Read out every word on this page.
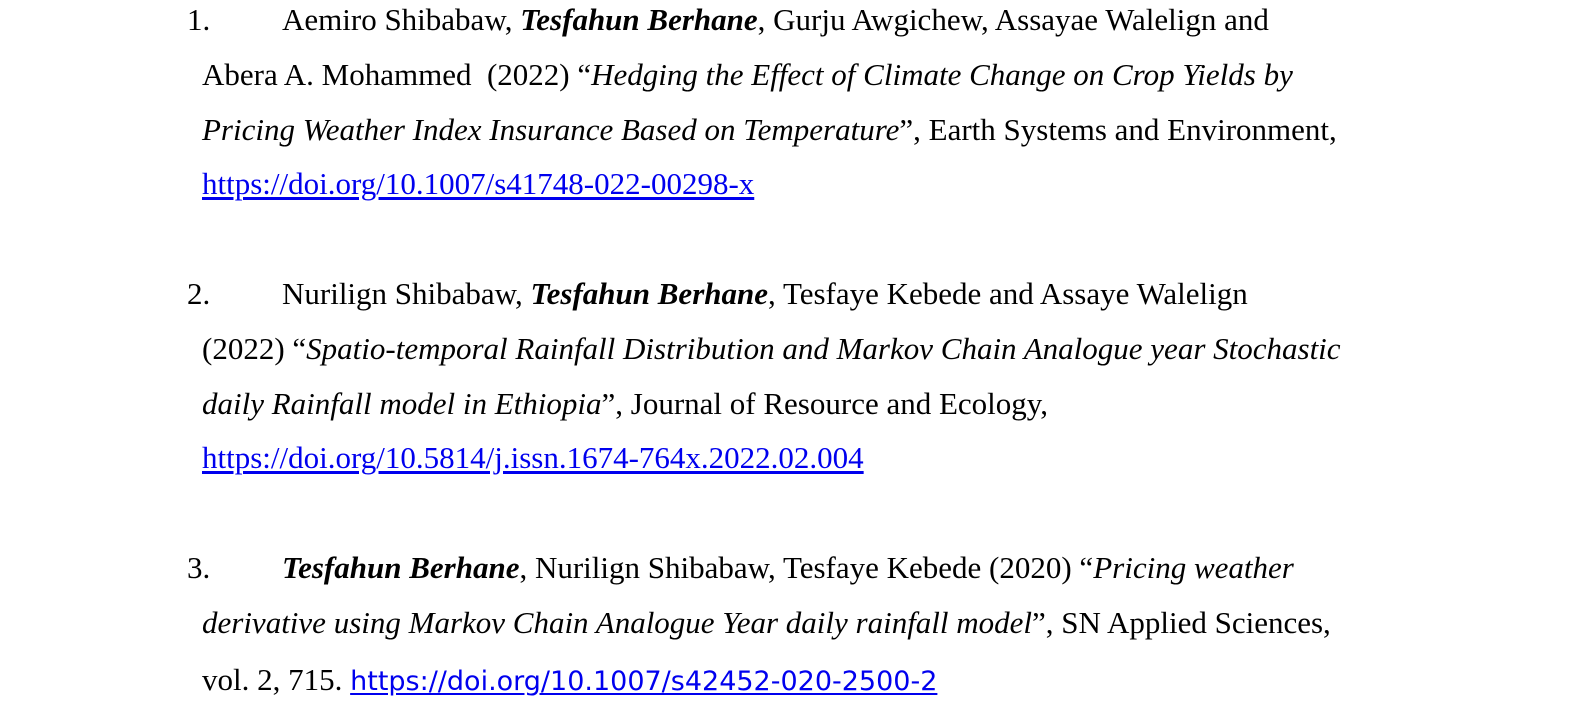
1. Aemiro Shibabaw, Tesfahun Berhane, Gurju Awgichew, Assayae Walelign and
Abera A. Mohammed (2022) “Hedging the Effect of Climate Change on Crop Yields by
Pricing Weather Index Insurance Based on Temperature”, Earth Systems and Environment,
https://doi.org/10.1007/s41748-022-00298-x
2. Nurilign Shibabaw, Tesfahun Berhane, Tesfaye Kebede and Assaye Walelign
(2022) “Spatio-temporal Rainfall Distribution and Markov Chain Analogue year Stochastic
daily Rainfall model in Ethiopia”, Journal of Resource and Ecology,
https://doi.org/10.5814/j.issn.1674-764x.2022.02.004
3. Tesfahun Berhane, Nurilign Shibabaw, Tesfaye Kebede (2020) “Pricing weather
derivative using Markov Chain Analogue Year daily rainfall model”, SN Applied Sciences,
vol. 2, 715. https://doi.org/10.1007/s42452-020-2500-2
